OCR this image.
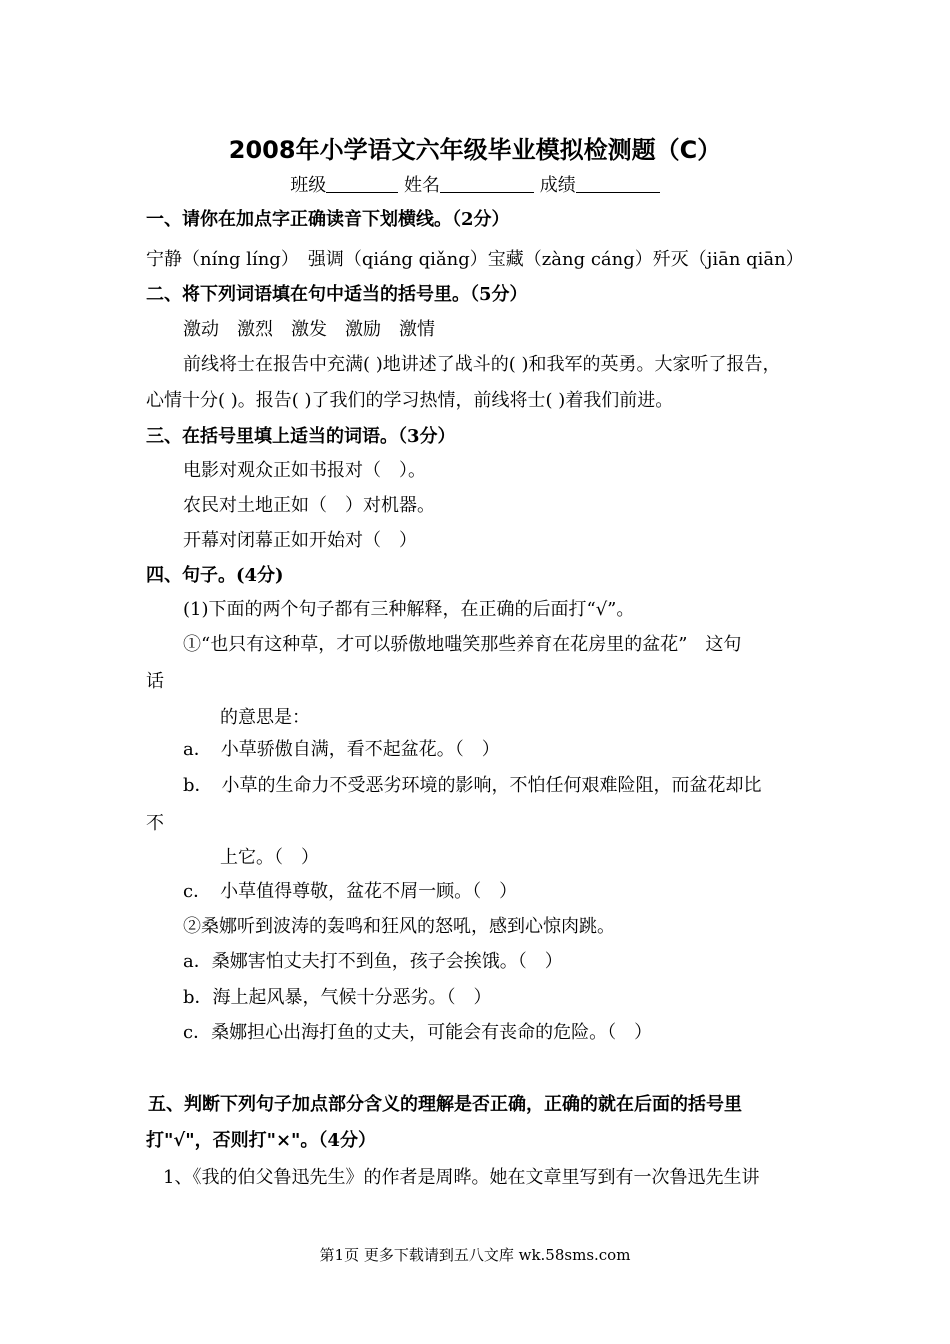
2008年小学语文六年级毕业模拟检测题（C）
班级	姓名	成绩
一、请你在加点字正确读音下划横线。（2分）
宁静（níng líng）　强调（qiáng qiǎng）宝藏（zàng cáng）歼灭（jiān qiān）
二、将下列词语填在句中适当的括号里。（5分）
激动　激烈　激发　激励　激情
前线将士在报告中充满( )地讲述了战斗的( )和我军的英勇。大家听了报告，
心情十分( )。报告( )了我们的学习热情，前线将士( )着我们前进。
三、在括号里填上适当的词语。（3分）
电影对观众正如书报对（　）。
农民对土地正如（　）对机器。
开幕对闭幕正如开始对（　）
四、句子。(4分)
(1)下面的两个句子都有三种解释，在正确的后面打“√”。
①“也只有这种草，才可以骄傲地嗤笑那些养育在花房里的盆花”　这句
话
的意思是：
a．　小草骄傲自满，看不起盆花。（　）
b．　小草的生命力不受恶劣环境的影响，不怕任何艰难险阻，而盆花却比
不
上它。（　）
c．　小草值得尊敬，盆花不屑一顾。（　）
②桑娜听到波涛的轰鸣和狂风的怒吼，感到心惊肉跳。
a．桑娜害怕丈夫打不到鱼，孩子会挨饿。（　）
b．海上起风暴，气候十分恶劣。（　）
c．桑娜担心出海打鱼的丈夫，可能会有丧命的危险。（　）
五、判断下列句子加点部分含义的理解是否正确，正确的就在后面的括号里
打"√"，否则打"×"。（4分）
1、《我的伯父鲁迅先生》的作者是周晔。她在文章里写到有一次鲁迅先生讲
第1页 更多下载请到五八文库 wk.58sms.com
